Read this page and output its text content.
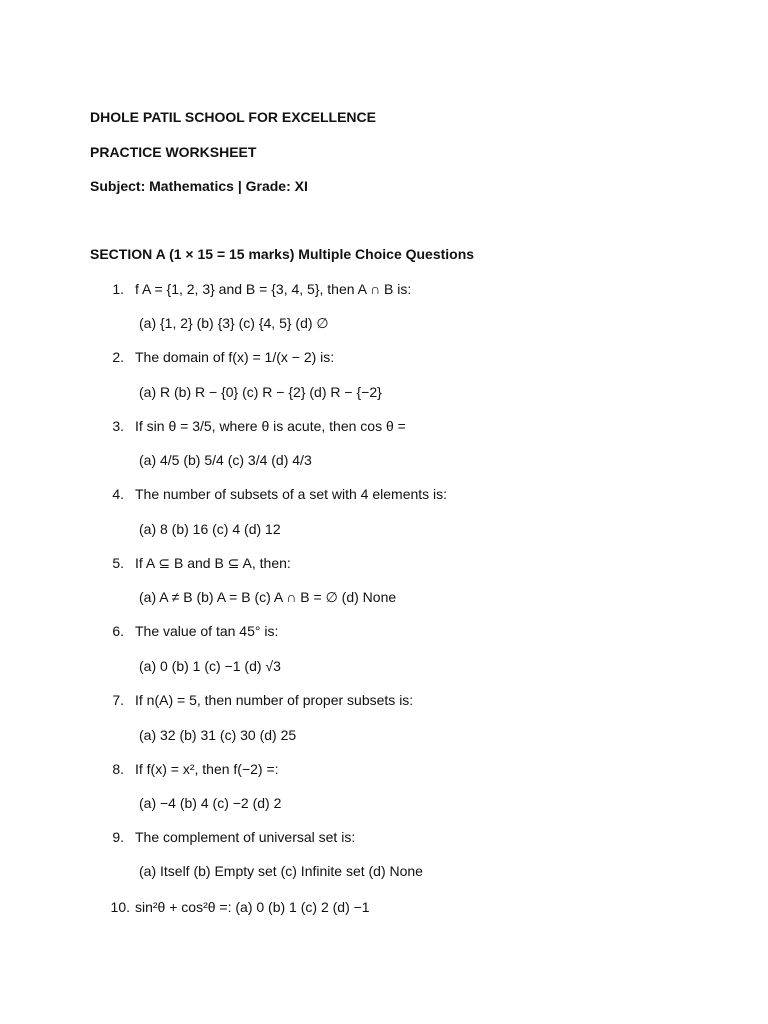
DHOLE PATIL SCHOOL FOR EXCELLENCE
PRACTICE WORKSHEET
Subject: Mathematics | Grade: XI
SECTION A (1 × 15 = 15 marks) Multiple Choice Questions
1. f A = {1, 2, 3} and B = {3, 4, 5}, then A ∩ B is:
(a) {1, 2} (b) {3} (c) {4, 5} (d) ∅
2. The domain of f(x) = 1/(x − 2) is:
(a) R (b) R − {0} (c) R − {2} (d) R − {−2}
3. If sin θ = 3/5, where θ is acute, then cos θ =
(a) 4/5 (b) 5/4 (c) 3/4 (d) 4/3
4. The number of subsets of a set with 4 elements is:
(a) 8 (b) 16 (c) 4 (d) 12
5. If A ⊆ B and B ⊆ A, then:
(a) A ≠ B (b) A = B (c) A ∩ B = ∅ (d) None
6. The value of tan 45° is:
(a) 0 (b) 1 (c) −1 (d) √3
7. If n(A) = 5, then number of proper subsets is:
(a) 32 (b) 31 (c) 30 (d) 25
8. If f(x) = x², then f(−2) =:
(a) −4 (b) 4 (c) −2 (d) 2
9. The complement of universal set is:
(a) Itself (b) Empty set (c) Infinite set (d) None
10. sin²θ + cos²θ =: (a) 0 (b) 1 (c) 2 (d) −1
